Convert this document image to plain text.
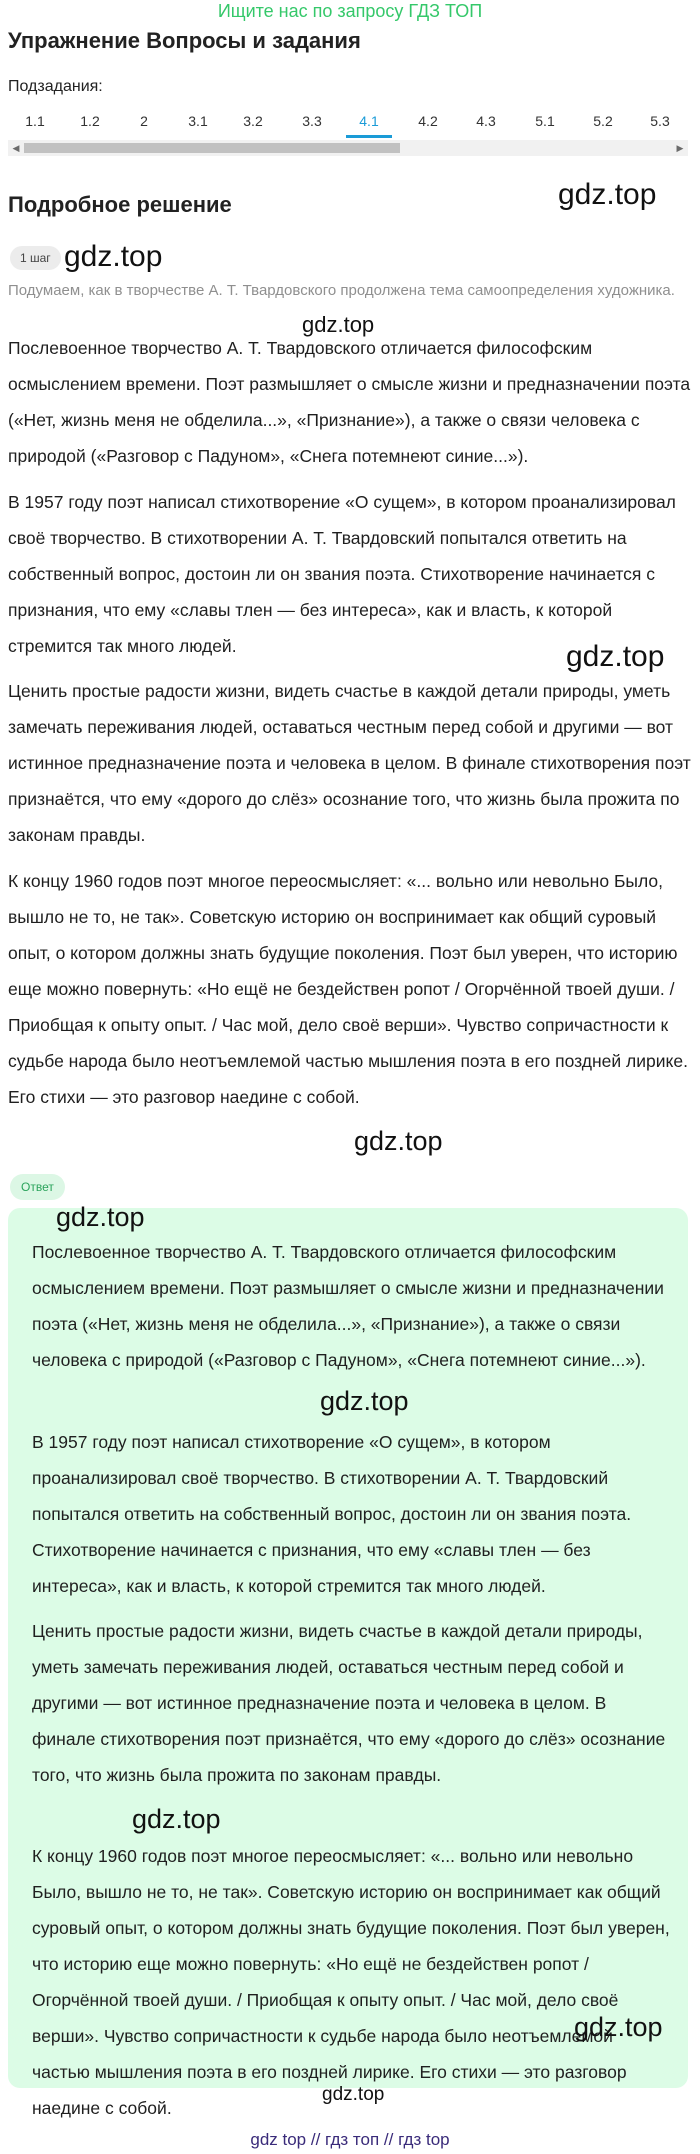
Ищите нас по запросу ГДЗ ТОП
Упражнение Вопросы и задания
Подзадания:
1.1	1.2	2	3.1	3.2	3.3	4.1	4.2	4.3	5.1	5.2	5.3
◀	▶
Подробное решение
1 шаг
Подумаем, как в творчестве А. Т. Твардовского продолжена тема самоопределения художника.
Послевоенное творчество А. Т. Твардовского отличается философским осмыслением времени. Поэт размышляет о смысле жизни и предназначении поэта («Нет, жизнь меня не обделила...», «Признание»), а также о связи человека с природой («Разговор с Падуном», «Снега потемнеют синие...»).
В 1957 году поэт написал стихотворение «О сущем», в котором проанализировал своё творчество. В стихотворении А. Т. Твардовский попытался ответить на собственный вопрос, достоин ли он звания поэта. Стихотворение начинается с признания, что ему «славы тлен — без интереса», как и власть, к которой стремится так много людей.
Ценить простые радости жизни, видеть счастье в каждой детали природы, уметь замечать переживания людей, оставаться честным перед собой и другими — вот истинное предназначение поэта и человека в целом. В финале стихотворения поэт признаётся, что ему «дорого до слёз» осознание того, что жизнь была прожита по законам правды.
К концу 1960 годов поэт многое переосмысляет: «... вольно или невольно Было, вышло не то, не так». Советскую историю он воспринимает как общий суровый опыт, о котором должны знать будущие поколения. Поэт был уверен, что историю еще можно повернуть: «Но ещё не бездействен ропот / Огорчённой твоей души. / Приобщая к опыту опыт. / Час мой, дело своё верши». Чувство сопричастности к судьбе народа было неотъемлемой частью мышления поэта в его поздней лирике. Его стихи — это разговор наедине с собой.
Ответ
Послевоенное творчество А. Т. Твардовского отличается философским осмыслением времени. Поэт размышляет о смысле жизни и предназначении поэта («Нет, жизнь меня не обделила...», «Признание»), а также о связи человека с природой («Разговор с Падуном», «Снега потемнеют синие...»).
В 1957 году поэт написал стихотворение «О сущем», в котором проанализировал своё творчество. В стихотворении А. Т. Твардовский попытался ответить на собственный вопрос, достоин ли он звания поэта. Стихотворение начинается с признания, что ему «славы тлен — без интереса», как и власть, к которой стремится так много людей.
Ценить простые радости жизни, видеть счастье в каждой детали природы, уметь замечать переживания людей, оставаться честным перед собой и другими — вот истинное предназначение поэта и человека в целом. В финале стихотворения поэт признаётся, что ему «дорого до слёз» осознание того, что жизнь была прожита по законам правды.
К концу 1960 годов поэт многое переосмысляет: «... вольно или невольно Было, вышло не то, не так». Советскую историю он воспринимает как общий суровый опыт, о котором должны знать будущие поколения. Поэт был уверен, что историю еще можно повернуть: «Но ещё не бездействен ропот / Огорчённой твоей души. / Приобщая к опыту опыт. / Час мой, дело своё верши». Чувство сопричастности к судьбе народа было неотъемлемой частью мышления поэта в его поздней лирике. Его стихи — это разговор наедине с собой.
gdz.top
gdz.top
gdz.top
gdz.top
gdz.top
gdz.top
gdz.top
gdz.top
gdz.top
gdz.top
gdz top // гдз топ // гдз top
